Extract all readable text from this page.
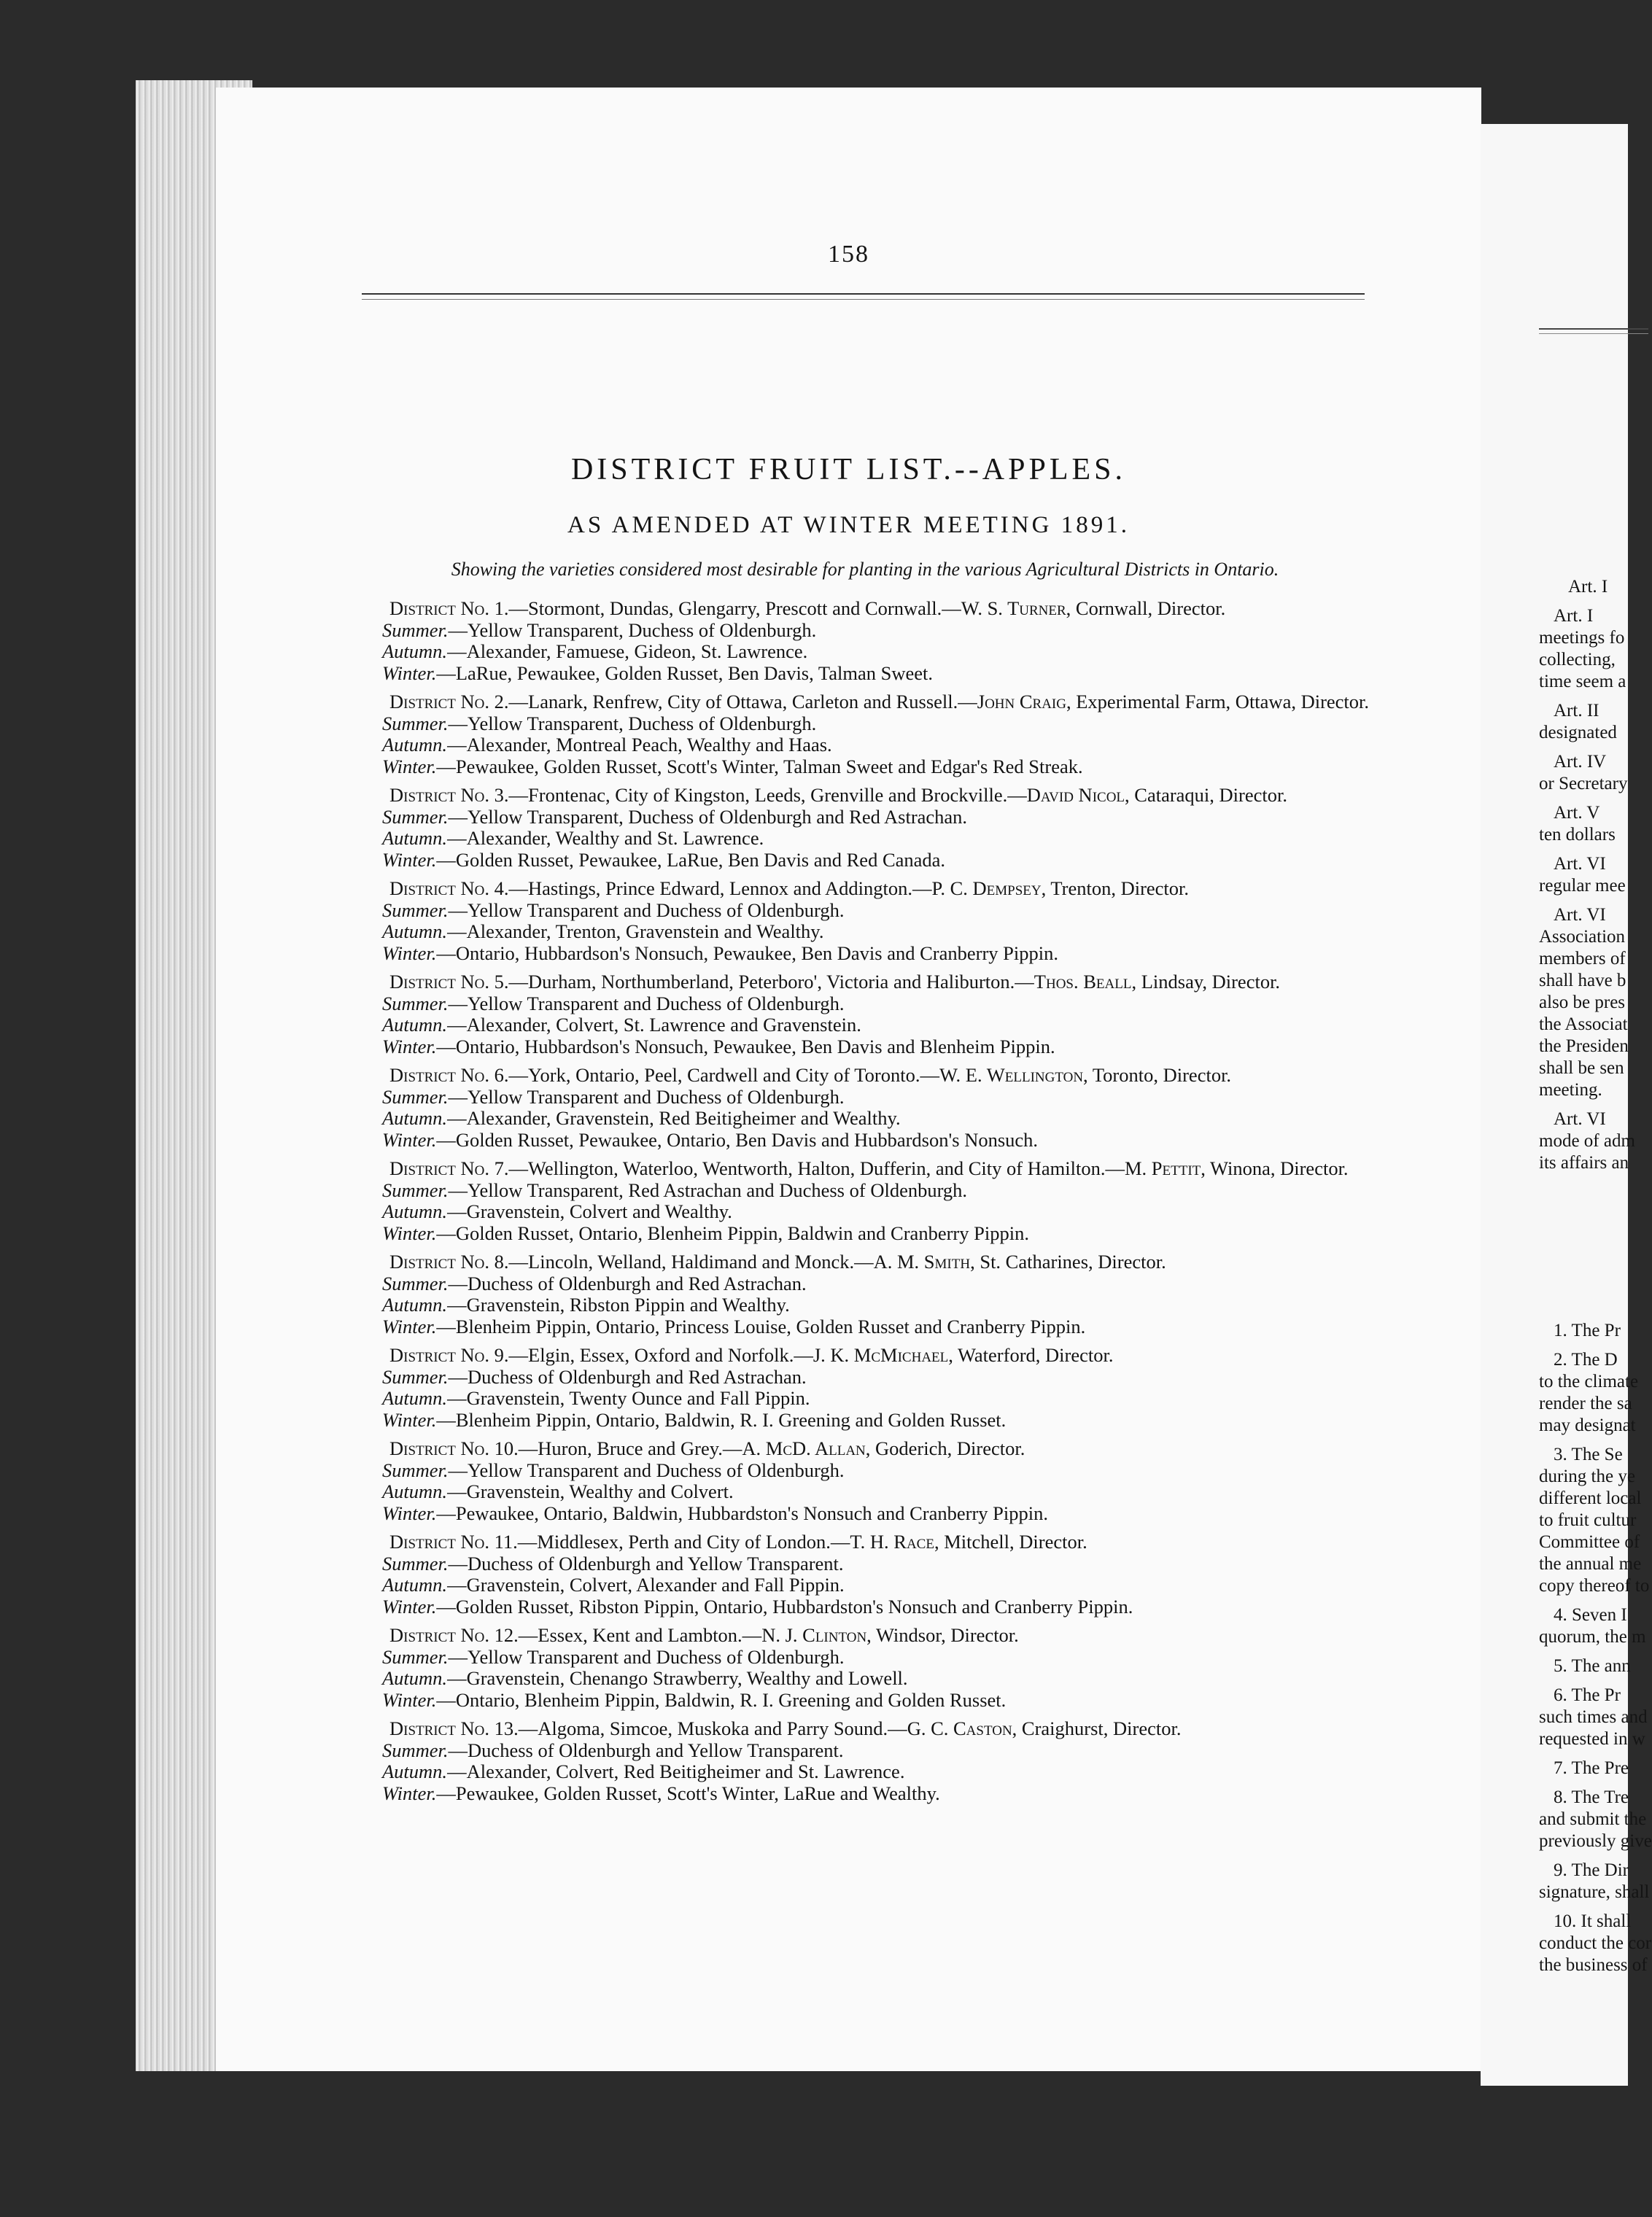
158
DISTRICT FRUIT LIST.--APPLES.
AS AMENDED AT WINTER MEETING 1891.
Showing the varieties considered most desirable for planting in the various Agricultural Districts in Ontario.
District No. 1.—Stormont, Dundas, Glengarry, Prescott and Cornwall.—W. S. Turner, Cornwall, Director.
Summer.—Yellow Transparent, Duchess of Oldenburgh.
Autumn.—Alexander, Famuese, Gideon, St. Lawrence.
Winter.—LaRue, Pewaukee, Golden Russet, Ben Davis, Talman Sweet.
District No. 2.—Lanark, Renfrew, City of Ottawa, Carleton and Russell.—John Craig, Experimental Farm, Ottawa, Director.
Summer.—Yellow Transparent, Duchess of Oldenburgh.
Autumn.—Alexander, Montreal Peach, Wealthy and Haas.
Winter.—Pewaukee, Golden Russet, Scott's Winter, Talman Sweet and Edgar's Red Streak.
District No. 3.—Frontenac, City of Kingston, Leeds, Grenville and Brockville.—David Nicol, Cataraqui, Director.
Summer.—Yellow Transparent, Duchess of Oldenburgh and Red Astrachan.
Autumn.—Alexander, Wealthy and St. Lawrence.
Winter.—Golden Russet, Pewaukee, LaRue, Ben Davis and Red Canada.
District No. 4.—Hastings, Prince Edward, Lennox and Addington.—P. C. Dempsey, Trenton, Director.
Summer.—Yellow Transparent and Duchess of Oldenburgh.
Autumn.—Alexander, Trenton, Gravenstein and Wealthy.
Winter.—Ontario, Hubbardson's Nonsuch, Pewaukee, Ben Davis and Cranberry Pippin.
District No. 5.—Durham, Northumberland, Peterboro', Victoria and Haliburton.—Thos. Beall, Lindsay, Director.
Summer.—Yellow Transparent and Duchess of Oldenburgh.
Autumn.—Alexander, Colvert, St. Lawrence and Gravenstein.
Winter.—Ontario, Hubbardson's Nonsuch, Pewaukee, Ben Davis and Blenheim Pippin.
District No. 6.—York, Ontario, Peel, Cardwell and City of Toronto.—W. E. Wellington, Toronto, Director.
Summer.—Yellow Transparent and Duchess of Oldenburgh.
Autumn.—Alexander, Gravenstein, Red Beitigheimer and Wealthy.
Winter.—Golden Russet, Pewaukee, Ontario, Ben Davis and Hubbardson's Nonsuch.
District No. 7.—Wellington, Waterloo, Wentworth, Halton, Dufferin, and City of Hamilton.—M. Pettit, Winona, Director.
Summer.—Yellow Transparent, Red Astrachan and Duchess of Oldenburgh.
Autumn.—Gravenstein, Colvert and Wealthy.
Winter.—Golden Russet, Ontario, Blenheim Pippin, Baldwin and Cranberry Pippin.
District No. 8.—Lincoln, Welland, Haldimand and Monck.—A. M. Smith, St. Catharines, Director.
Summer.—Duchess of Oldenburgh and Red Astrachan.
Autumn.—Gravenstein, Ribston Pippin and Wealthy.
Winter.—Blenheim Pippin, Ontario, Princess Louise, Golden Russet and Cranberry Pippin.
District No. 9.—Elgin, Essex, Oxford and Norfolk.—J. K. McMichael, Waterford, Director.
Summer.—Duchess of Oldenburgh and Red Astrachan.
Autumn.—Gravenstein, Twenty Ounce and Fall Pippin.
Winter.—Blenheim Pippin, Ontario, Baldwin, R. I. Greening and Golden Russet.
District No. 10.—Huron, Bruce and Grey.—A. McD. Allan, Goderich, Director.
Summer.—Yellow Transparent and Duchess of Oldenburgh.
Autumn.—Gravenstein, Wealthy and Colvert.
Winter.—Pewaukee, Ontario, Baldwin, Hubbardston's Nonsuch and Cranberry Pippin.
District No. 11.—Middlesex, Perth and City of London.—T. H. Race, Mitchell, Director.
Summer.—Duchess of Oldenburgh and Yellow Transparent.
Autumn.—Gravenstein, Colvert, Alexander and Fall Pippin.
Winter.—Golden Russet, Ribston Pippin, Ontario, Hubbardston's Nonsuch and Cranberry Pippin.
District No. 12.—Essex, Kent and Lambton.—N. J. Clinton, Windsor, Director.
Summer.—Yellow Transparent and Duchess of Oldenburgh.
Autumn.—Gravenstein, Chenango Strawberry, Wealthy and Lowell.
Winter.—Ontario, Blenheim Pippin, Baldwin, R. I. Greening and Golden Russet.
District No. 13.—Algoma, Simcoe, Muskoka and Parry Sound.—G. C. Caston, Craighurst, Director.
Summer.—Duchess of Oldenburgh and Yellow Transparent.
Autumn.—Alexander, Colvert, Red Beitigheimer and St. Lawrence.
Winter.—Pewaukee, Golden Russet, Scott's Winter, LaRue and Wealthy.
Art. I
Art. I
meetings fo
collecting,
time seem a
Art. II
designated
Art. IV
or Secretary
Art. V
ten dollars
Art. VI
regular mee
Art. VI
Association
members of
shall have b
also be pres
the Associat
the Presiden
shall be sen
meeting.
Art. VI
mode of adm
its affairs an
1. The Pr
2. The D
to the climate
render the sa
may designat
3. The Se
during the ye
different local
to fruit cultur
Committee of
the annual me
copy thereof to
4. Seven I
quorum, the m
5. The ann
6. The Pr
such times and
requested in w
7. The Pre
8. The Tre
and submit the
previously give
9. The Dir
signature, shall
10. It shall
conduct the cor
the business of
